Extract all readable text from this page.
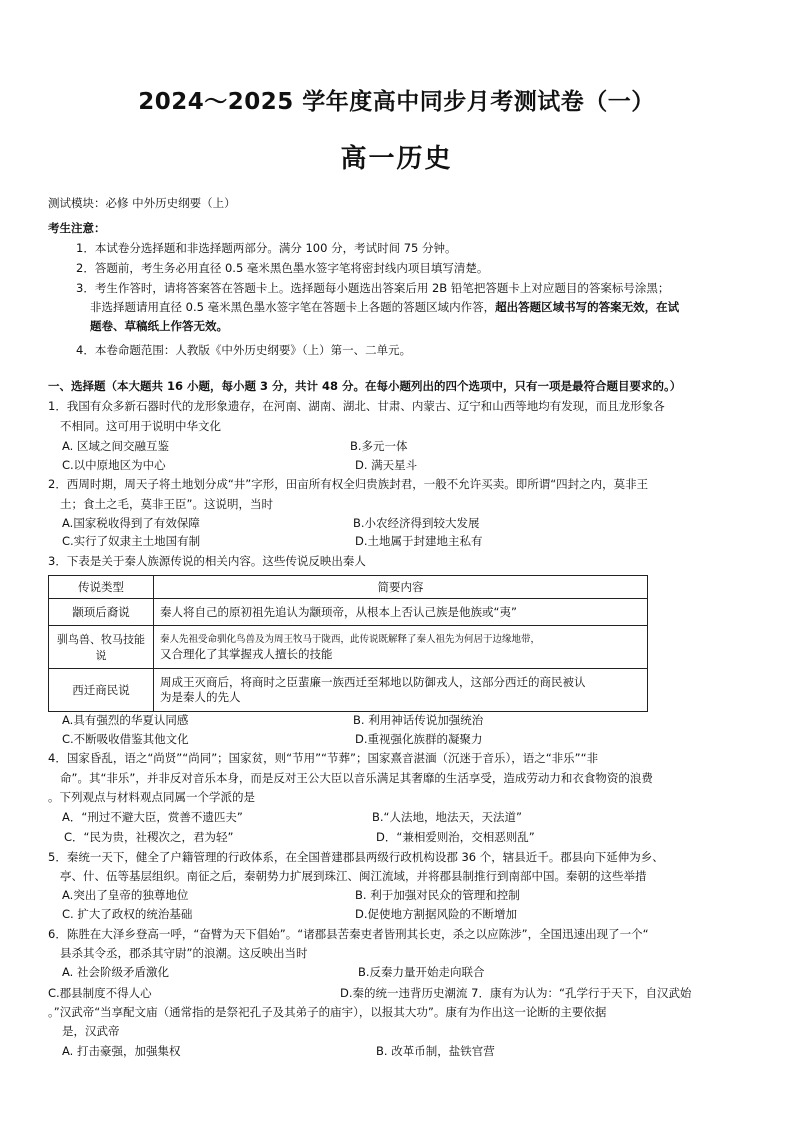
2024～2025 学年度高中同步月考测试卷（一）
高一历史
测试模块：必修 中外历史纲要（上）
考生注意：
1．本试卷分选择题和非选择题两部分。满分 100 分，考试时间 75 分钟。
2．答题前，考生务必用直径 0.5 毫米黑色墨水签字笔将密封线内项目填写清楚。
3．考生作答时，请将答案答在答题卡上。选择题每小题选出答案后用 2B 铅笔把答题卡上对应题目的答案标号涂黑；
非选择题请用直径 0.5 毫米黑色墨水签字笔在答题卡上各题的答题区域内作答，超出答题区域书写的答案无效，在试
题卷、草稿纸上作答无效。
4．本卷命题范围：人教版《中外历史纲要》（上）第一、二单元。
一、选择题（本大题共 16 小题，每小题 3 分，共计 48 分。在每小题列出的四个选项中，只有一项是最符合题目要求的。）
1．我国有众多新石器时代的龙形象遗存，在河南、湖南、湖北、甘肃、内蒙古、辽宁和山西等地均有发现，而且龙形象各
不相同。这可用于说明中华文化
A. 区域之间交融互鉴	B.多元一体
C.以中原地区为中心	D. 满天星斗
2．西周时期，周天子将土地划分成“井”字形，田亩所有权全归贵族封君，一般不允许买卖。即所谓“四封之内，莫非王
土；食土之毛，莫非王臣”。这说明，当时
A.国家税收得到了有效保障	B.小农经济得到较大发展
C.实行了奴隶主土地国有制	D.土地属于封建地主私有
3．下表是关于秦人族源传说的相关内容。这些传说反映出秦人
传说类型	简要内容
颛顼后裔说	秦人将自己的原初祖先追认为颛顼帝，从根本上否认己族是他族或“夷”
驯鸟兽、牧马技能说	秦人先祖受命驯化鸟兽及为周王牧马于陇西，此传说既解释了秦人祖先为何居于边缘地带，
又合理化了其掌握戎人擅长的技能

西迁商民说	周成王灭商后，将商时之臣蜚廉一族西迁至邾地以防御戎人，这部分西迁的商民被认
为是秦人的先人
A.具有强烈的华夏认同感	B. 利用神话传说加强统治
C.不断吸收借鉴其他文化	D.重视强化族群的凝聚力
4．国家昏乱，语之“尚贤”“尚同”；国家贫，则“节用”“节葬”；国家熹音湛湎（沉迷于音乐），语之“非乐”“非
命”。其“非乐”，并非反对音乐本身，而是反对王公大臣以音乐满足其奢靡的生活享受，造成劳动力和衣食物资的浪费
。下列观点与材料观点同属一个学派的是
A．“刑过不避大臣，赏善不遗匹夫”	B.“人法地，地法天，天法道”
C．“民为贵，社稷次之，君为轻”	D．“兼相爱则治，交相恶则乱”
5．秦统一天下，健全了户籍管理的行政体系，在全国普建郡县两级行政机构设郡 36 个，辖县近千。郡县向下延伸为乡、
亭、什、伍等基层组织。南征之后，秦朝势力扩展到珠江、闽江流域，并将郡县制推行到南部中国。秦朝的这些举措
A.突出了皇帝的独尊地位	B. 利于加强对民众的管理和控制
C. 扩大了政权的统治基础	D.促使地方割据风险的不断增加
6．陈胜在大泽乡登高一呼，“奋臂为天下倡始”。“诸郡县苦秦吏者皆刑其长吏，杀之以应陈涉”，全国迅速出现了一个“
县杀其令丞，郡杀其守尉”的浪潮。这反映出当时
A. 社会阶级矛盾激化	B.反秦力量开始走向联合
C.郡县制度不得人心	D.秦的统一违背历史潮流 7．康有为认为：“孔学行于天下，自汉武始
。”汉武帝“当享配文庙（通常指的是祭祀孔子及其弟子的庙宇），以报其大功”。康有为作出这一论断的主要依据
是，汉武帝
A. 打击豪强，加强集权	B. 改革币制，盐铁官营
